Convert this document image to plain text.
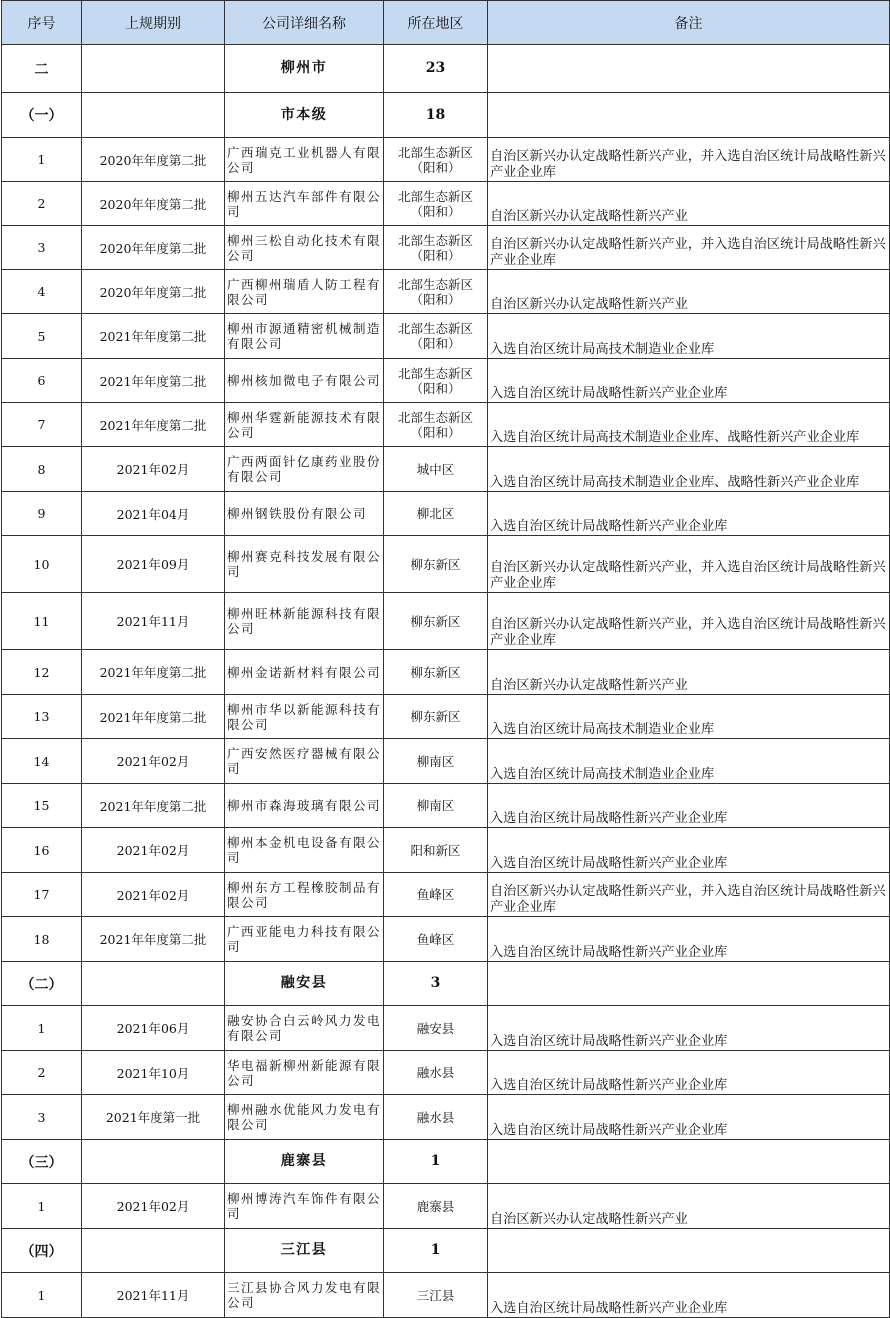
序号	上规期别	公司详细名称	所在地区	备注
二		柳州市	23	
（一）		市本级	18	
1	2020年年度第二批	广西瑞克工业机器人有限公司	北部生态新区（阳和）	自治区新兴办认定战略性新兴产业，并入选自治区统计局战略性新兴产业企业库
2	2020年年度第二批	柳州五达汽车部件有限公司	北部生态新区（阳和）	自治区新兴办认定战略性新兴产业
3	2020年年度第二批	柳州三松自动化技术有限公司	北部生态新区（阳和）	自治区新兴办认定战略性新兴产业，并入选自治区统计局战略性新兴产业企业库
4	2020年年度第二批	广西柳州瑞盾人防工程有限公司	北部生态新区（阳和）	自治区新兴办认定战略性新兴产业
5	2021年年度第二批	柳州市源通精密机械制造有限公司	北部生态新区（阳和）	入选自治区统计局高技术制造业企业库
6	2021年年度第二批	柳州核加微电子有限公司	北部生态新区（阳和）	入选自治区统计局战略性新兴产业企业库
7	2021年年度第二批	柳州华霆新能源技术有限公司	北部生态新区（阳和）	入选自治区统计局高技术制造业企业库、战略性新兴产业企业库
8	2021年02月	广西两面针亿康药业股份有限公司	城中区	入选自治区统计局高技术制造业企业库、战略性新兴产业企业库
9	2021年04月	柳州钢铁股份有限公司	柳北区	入选自治区统计局战略性新兴产业企业库
10	2021年09月	柳州赛克科技发展有限公司	柳东新区	自治区新兴办认定战略性新兴产业，并入选自治区统计局战略性新兴产业企业库
11	2021年11月	柳州旺林新能源科技有限公司	柳东新区	自治区新兴办认定战略性新兴产业，并入选自治区统计局战略性新兴产业企业库
12	2021年年度第二批	柳州金诺新材料有限公司	柳东新区	自治区新兴办认定战略性新兴产业
13	2021年年度第二批	柳州市华以新能源科技有限公司	柳东新区	入选自治区统计局高技术制造业企业库
14	2021年02月	广西安然医疗器械有限公司	柳南区	入选自治区统计局高技术制造业企业库
15	2021年年度第二批	柳州市森海玻璃有限公司	柳南区	入选自治区统计局战略性新兴产业企业库
16	2021年02月	柳州本金机电设备有限公司	阳和新区	入选自治区统计局战略性新兴产业企业库
17	2021年02月	柳州东方工程橡胶制品有限公司	鱼峰区	自治区新兴办认定战略性新兴产业，并入选自治区统计局战略性新兴产业企业库
18	2021年年度第二批	广西亚能电力科技有限公司	鱼峰区	入选自治区统计局战略性新兴产业企业库
（二）		融安县	3	
1	2021年06月	融安协合白云岭风力发电有限公司	融安县	入选自治区统计局战略性新兴产业企业库
2	2021年10月	华电福新柳州新能源有限公司	融水县	入选自治区统计局战略性新兴产业企业库
3	2021年度第一批	柳州融水优能风力发电有限公司	融水县	入选自治区统计局战略性新兴产业企业库
（三）		鹿寨县	1	
1	2021年02月	柳州博涛汽车饰件有限公司	鹿寨县	自治区新兴办认定战略性新兴产业
（四）		三江县	1	
1	2021年11月	三江县协合风力发电有限公司	三江县	入选自治区统计局战略性新兴产业企业库
